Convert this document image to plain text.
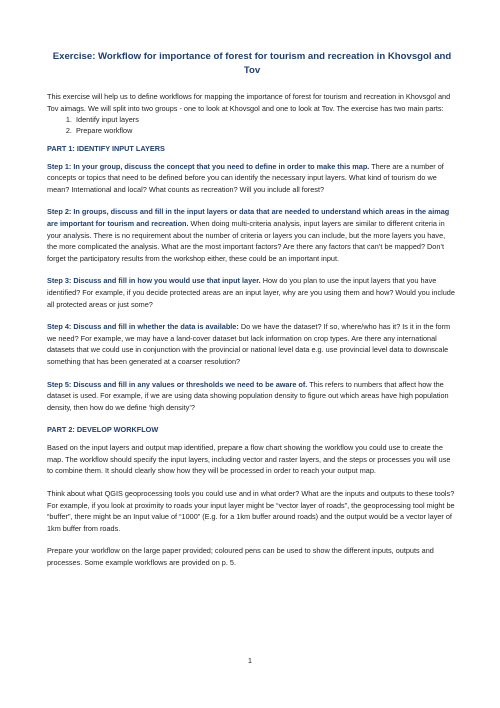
Exercise: Workflow for importance of forest for tourism and recreation in Khovsgol and Tov

This exercise will help us to define workflows for mapping the importance of forest for tourism and recreation in Khovsgol and Tov aimags. We will split into two groups - one to look at Khovsgol and one to look at Tov. The exercise has two main parts:

1. Identify input layers
2. Prepare workflow
PART 1: IDENTIFY INPUT LAYERS

Step 1: In your group, discuss the concept that you need to define in order to make this map. There are a number of concepts or topics that need to be defined before you can identify the necessary input layers. What kind of tourism do we mean? International and local? What counts as recreation? Will you include all forest?

Step 2: In groups, discuss and fill in the input layers or data that are needed to understand which areas in the aimag are important for tourism and recreation. When doing multi-criteria analysis, input layers are similar to different criteria in your analysis. There is no requirement about the number of criteria or layers you can include, but the more layers you have, the more complicated the analysis. What are the most important factors? Are there any factors that can’t be mapped? Don’t forget the participatory results from the workshop either, these could be an important input.

Step 3: Discuss and fill in how you would use that input layer. How do you plan to use the input layers that you have identified? For example, if you decide protected areas are an input layer, why are you using them and how? Would you include all protected areas or just some?

Step 4: Discuss and fill in whether the data is available: Do we have the dataset? If so, where/who has it? Is it in the form we need? For example, we may have a land-cover dataset but lack information on crop types. Are there any international datasets that we could use in conjunction with the provincial or national level data e.g. use provincial level data to downscale something that has been generated at a coarser resolution?

Step 5: Discuss and fill in any values or thresholds we need to be aware of. This refers to numbers that affect how the dataset is used. For example, if we are using data showing population density to figure out which areas have high population density, then how do we define ‘high density’?

PART 2: DEVELOP WORKFLOW

Based on the input layers and output map identified, prepare a flow chart showing the workflow you could use to create the map. The workflow should specify the input layers, including vector and raster layers, and the steps or processes you will use to combine them. It should clearly show how they will be processed in order to reach your output map.

Think about what QGIS geoprocessing tools you could use and in what order? What are the inputs and outputs to these tools? For example, if you look at proximity to roads your input layer might be “vector layer of roads”, the geoprocessing tool might be “buffer”, there might be an Input value of “1000” (E.g. for a 1km buffer around roads) and the output would be a vector layer of 1km buffer from roads.

Prepare your workflow on the large paper provided; coloured pens can be used to show the different inputs, outputs and processes. Some example workflows are provided on p. 5.

1
